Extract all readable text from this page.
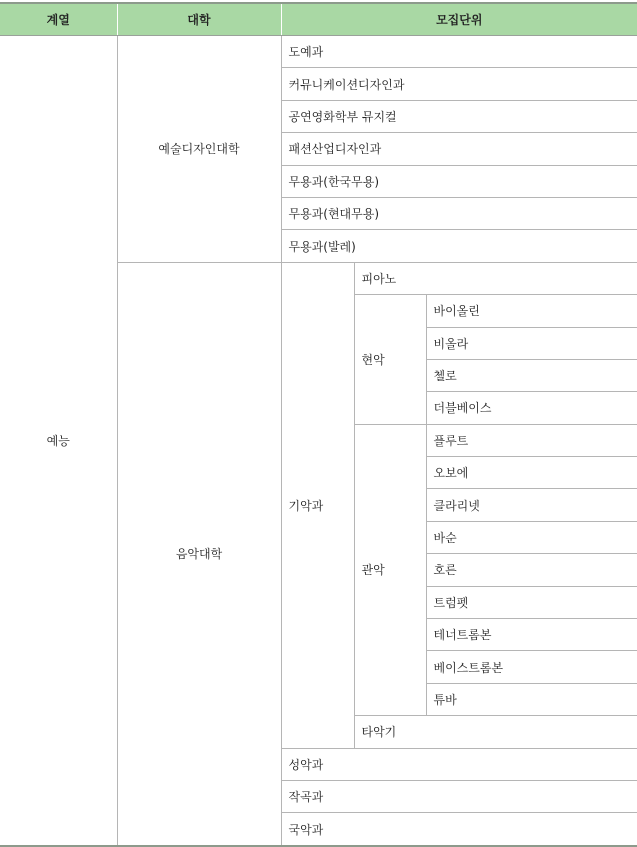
계열	대학	모집단위		
예능	예술디자인대학	도예과		
		커뮤니케이션디자인과		
		공연영화학부 뮤지컬		
		패션산업디자인과		
		무용과(한국무용)		
		무용과(현대무용)		
		무용과(발레)		
	음악대학	기악과	피아노	
			현악	바이올린
				비올라
				첼로
				더블베이스
			관악	플루트
				오보에
				클라리넷
				바순
				호른
				트럼펫
				테너트롬본
				베이스트롬본
				튜바
			타악기	
		성악과		
		작곡과		
		국악과		
